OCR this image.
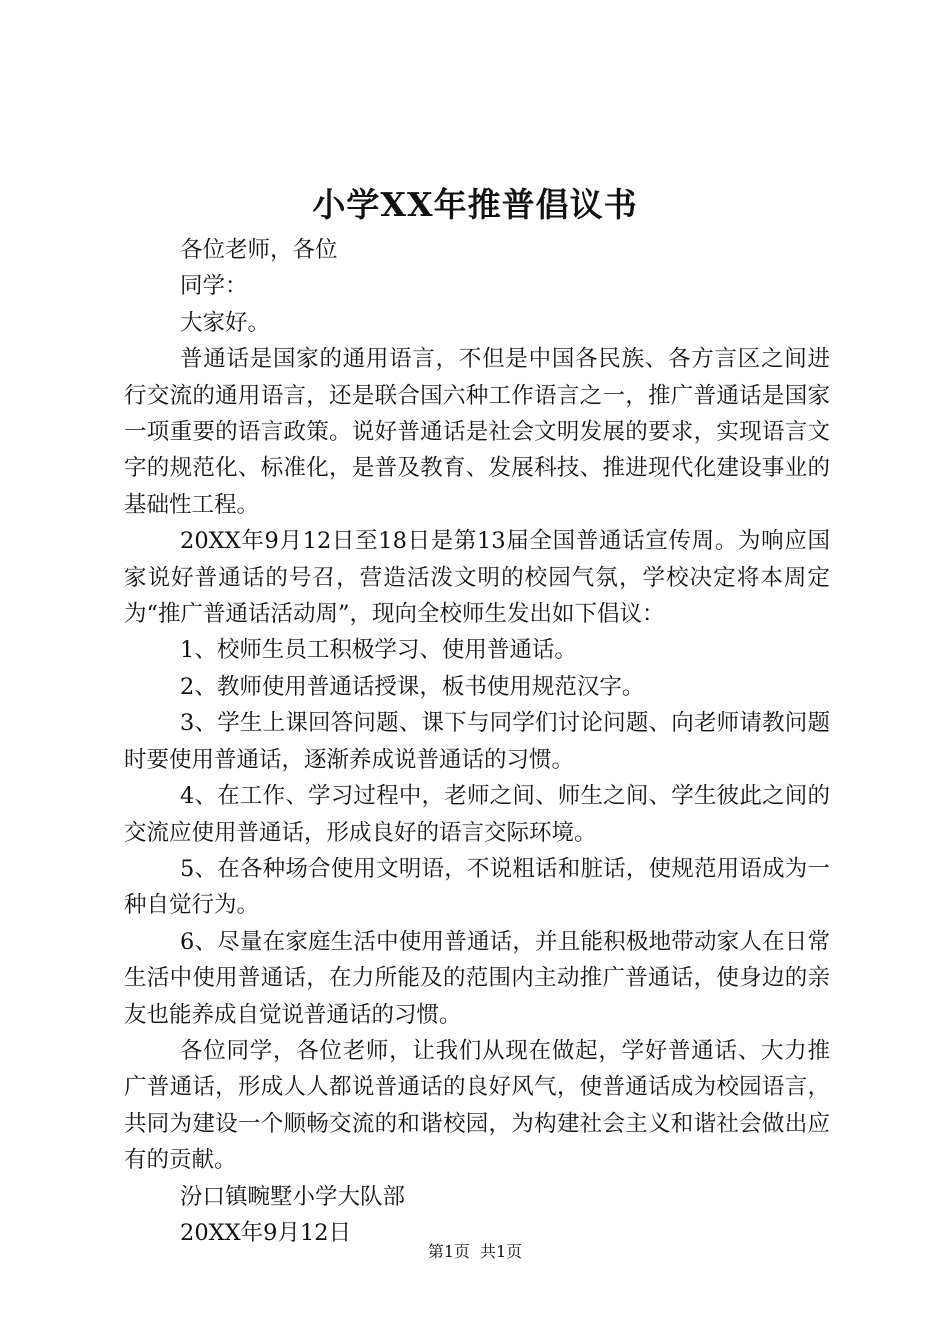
小学XX年推普倡议书

各位老师，各位

同学：

大家好。

普通话是国家的通用语言，不但是中国各民族、各方言区之间进行交流的通用语言，还是联合国六种工作语言之一，推广普通话是国家一项重要的语言政策。说好普通话是社会文明发展的要求，实现语言文字的规范化、标准化，是普及教育、发展科技、推进现代化建设事业的基础性工程。

20XX年9月12日至18日是第13届全国普通话宣传周。为响应国家说好普通话的号召，营造活泼文明的校园气氛，学校决定将本周定为“推广普通话活动周”，现向全校师生发出如下倡议：

1、校师生员工积极学习、使用普通话。

2、教师使用普通话授课，板书使用规范汉字。

3、学生上课回答问题、课下与同学们讨论问题、向老师请教问题时要使用普通话，逐渐养成说普通话的习惯。

4、在工作、学习过程中，老师之间、师生之间、学生彼此之间的交流应使用普通话，形成良好的语言交际环境。

5、在各种场合使用文明语，不说粗话和脏话，使规范用语成为一种自觉行为。

6、尽量在家庭生活中使用普通话，并且能积极地带动家人在日常生活中使用普通话，在力所能及的范围内主动推广普通话，使身边的亲友也能养成自觉说普通话的习惯。

各位同学，各位老师，让我们从现在做起，学好普通话、大力推广普通话，形成人人都说普通话的良好风气，使普通话成为校园语言，共同为建设一个顺畅交流的和谐校园，为构建社会主义和谐社会做出应有的贡献。

汾口镇畹墅小学大队部

20XX年9月12日

第1页 共1页
